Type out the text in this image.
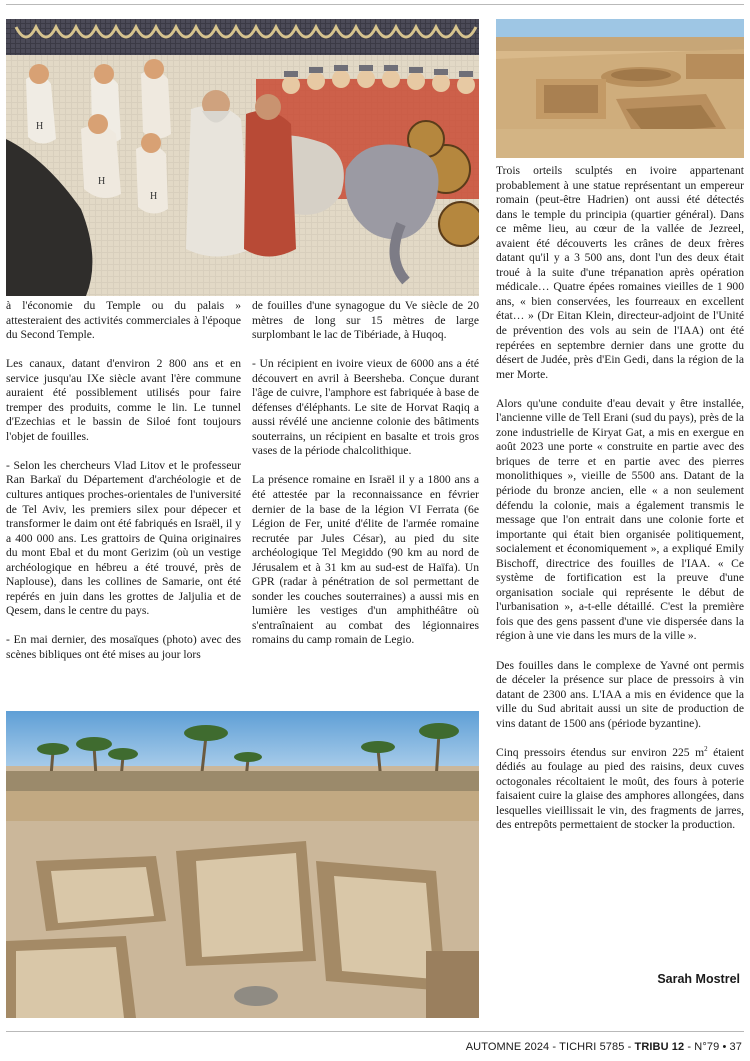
H
H
H

à l'économie du Temple ou du palais » attesteraient des activités commerciales à l'époque du Second Temple.

Les canaux, datant d'environ 2 800 ans et en service jusqu'au IXe siècle avant l'ère commune auraient été possiblement utilisés pour faire tremper des produits, comme le lin. Le tunnel d'Ezechias et le bassin de Siloé font toujours l'objet de fouilles.

- Selon les chercheurs Vlad Litov et le professeur Ran Barkaï du Département d'archéologie et de cultures antiques proches-orientales de l'université de Tel Aviv, les premiers silex pour dépecer et transformer le daim ont été fabriqués en Israël, il y a 400 000 ans. Les grattoirs de Quina originaires du mont Ebal et du mont Gerizim (où un vestige archéologique en hébreu a été trouvé, près de Naplouse), dans les collines de Samarie, ont été repérés en juin dans les grottes de Jaljulia et de Qesem, dans le centre du pays.

- En mai dernier, des mosaïques (photo) avec des scènes bibliques ont été mises au jour lors

de fouilles d'une synagogue du Ve siècle de 20 mètres de long sur 15 mètres de large surplombant le lac de Tibériade, à Huqoq.

- Un récipient en ivoire vieux de 6000 ans a été découvert en avril à Beersheba. Conçue durant l'âge de cuivre, l'amphore est fabriquée à base de défenses d'éléphants. Le site de Horvat Raqiq a aussi révélé une ancienne colonie des bâtiments souterrains, un récipient en basalte et trois gros vases de la période chalcolithique.

La présence romaine en Israël il y a 1800 ans a été attestée par la reconnaissance en février dernier de la base de la légion VI Ferrata (6e Légion de Fer, unité d'élite de l'armée romaine recrutée par Jules César), au pied du site archéologique Tel Megiddo (90 km au nord de Jérusalem et à 31 km au sud-est de Haïfa). Un GPR (radar à pénétration de sol permettant de sonder les couches souterraines) a aussi mis en lumière les vestiges d'un amphithéâtre où s'entraînaient au combat des légionnaires romains du camp romain de Legio.

Trois orteils sculptés en ivoire appartenant probablement à une statue représentant un empereur romain (peut-être Hadrien) ont aussi été détectés dans le temple du principia (quartier général). Dans ce même lieu, au cœur de la vallée de Jezreel, avaient été découverts les crânes de deux frères datant qu'il y a 3 500 ans, dont l'un des deux était troué à la suite d'une trépanation après opération médicale… Quatre épées romaines vieilles de 1 900 ans, « bien conservées, les fourreaux en excellent état… » (Dr Eitan Klein, directeur-adjoint de l'Unité de prévention des vols au sein de l'IAA) ont été repérées en septembre dernier dans une grotte du désert de Judée, près d'Ein Gedi, dans la région de la mer Morte.

Alors qu'une conduite d'eau devait y être installée, l'ancienne ville de Tell Erani (sud du pays), près de la zone industrielle de Kiryat Gat, a mis en exergue en août 2023 une porte « construite en partie avec des briques de terre et en partie avec des pierres monolithiques », vieille de 5500 ans. Datant de la période du bronze ancien, elle « a non seulement défendu la colonie, mais a également transmis le message que l'on entrait dans une colonie forte et importante qui était bien organisée politiquement, socialement et économiquement », a expliqué Emily Bischoff, directrice des fouilles de l'IAA. « Ce système de fortification est la preuve d'une organisation sociale qui représente le début de l'urbanisation », a-t-elle détaillé. C'est la première fois que des gens passent d'une vie dispersée dans la région à une vie dans les murs de la ville ».

Des fouilles dans le complexe de Yavné ont permis de déceler la présence sur place de pressoirs à vin datant de 2300 ans. L'IAA a mis en évidence que la ville du Sud abritait aussi un site de production de vins datant de 1500 ans (période byzantine).

Cinq pressoirs étendus sur environ 225 $m^2$ étaient dédiés au foulage au pied des raisins, deux cuves octogonales récoltaient le moût, des fours à poterie faisaient cuire la glaise des amphores allongées, dans lesquelles vieillissait le vin, des fragments de jarres, des entrepôts permettaient de stocker la production.

Sarah Mostrel
AUTOMNE 2024 - TICHRI 5785 - TRIBU 12 - N°79 • 37
